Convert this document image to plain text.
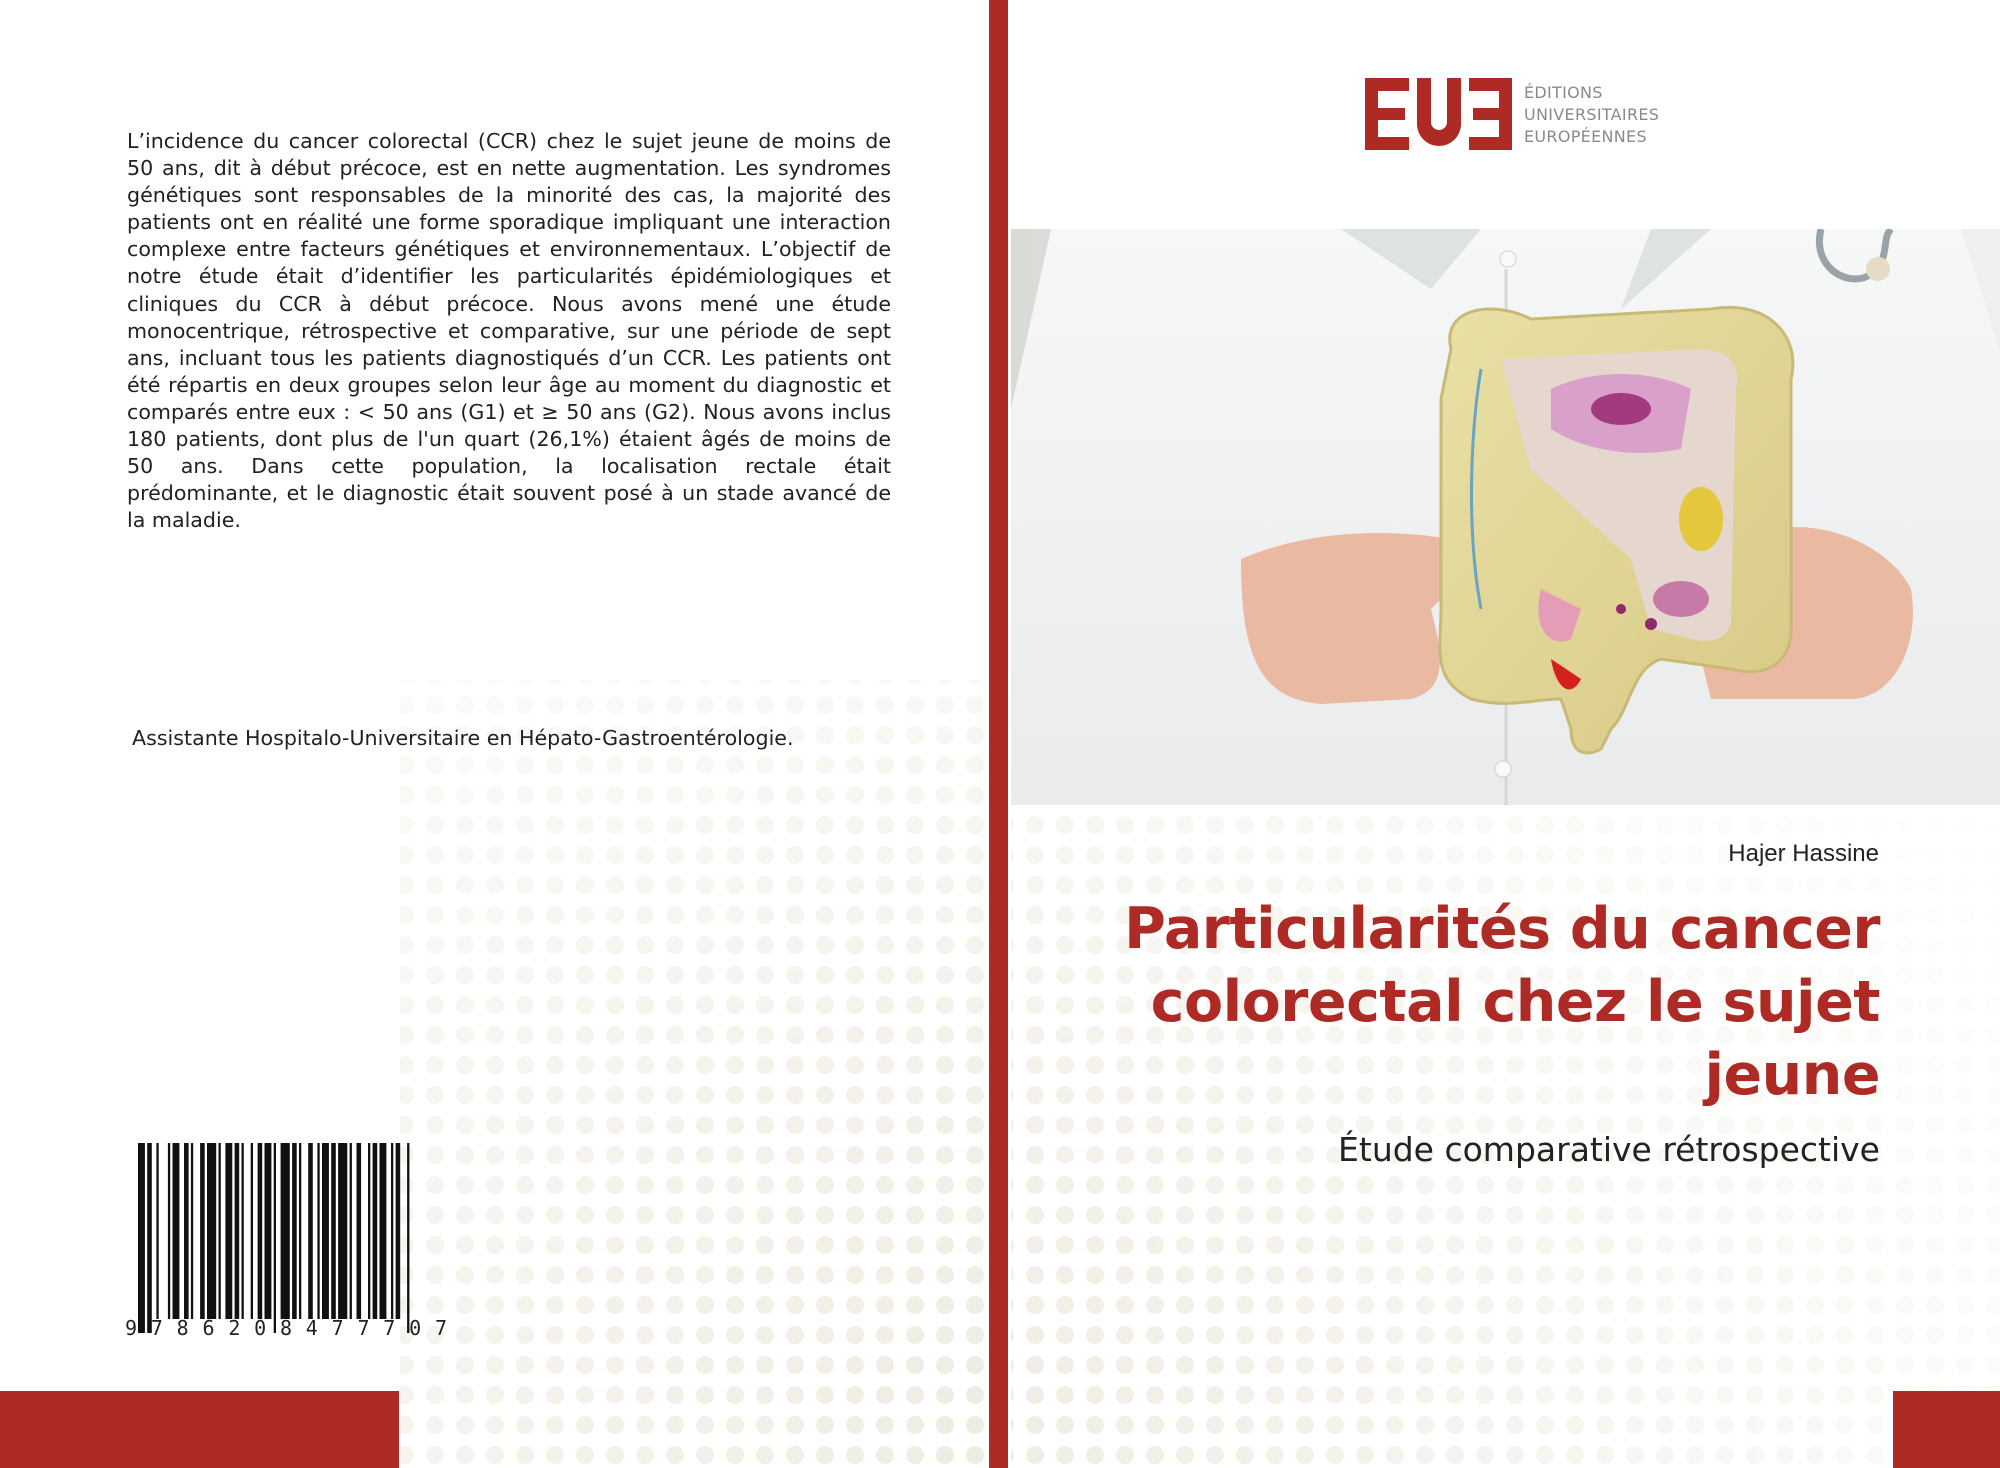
L’incidence du cancer colorectal (CCR) chez le sujet jeune de moins de
50 ans, dit à début précoce, est en nette augmentation. Les syndromes
génétiques sont responsables de la minorité des cas, la majorité des
patients ont en réalité une forme sporadique impliquant une interaction
complexe entre facteurs génétiques et environnementaux. L’objectif de
notre étude était d’identifier les particularités épidémiologiques et
cliniques du CCR à début précoce. Nous avons mené une étude
monocentrique, rétrospective et comparative, sur une période de sept
ans, incluant tous les patients diagnostiqués d’un CCR. Les patients ont
été répartis en deux groupes selon leur âge au moment du diagnostic et
comparés entre eux : < 50 ans (G1) et ≥ 50 ans (G2). Nous avons inclus
180 patients, dont plus de l'un quart (26,1%) étaient âgés de moins de
50 ans. Dans cette population, la localisation rectale était
prédominante, et le diagnostic était souvent posé à un stade avancé de
la maladie.
Assistante Hospitalo-Universitaire en Hépato-Gastroentérologie.
9 7 8 6 2 0 8 4 7 7 7 0 7
ÉDITIONS
UNIVERSITAIRES
EUROPÉENNES
Hajer Hassine
Particularités du cancer
colorectal chez le sujet
jeune
Étude comparative rétrospective
